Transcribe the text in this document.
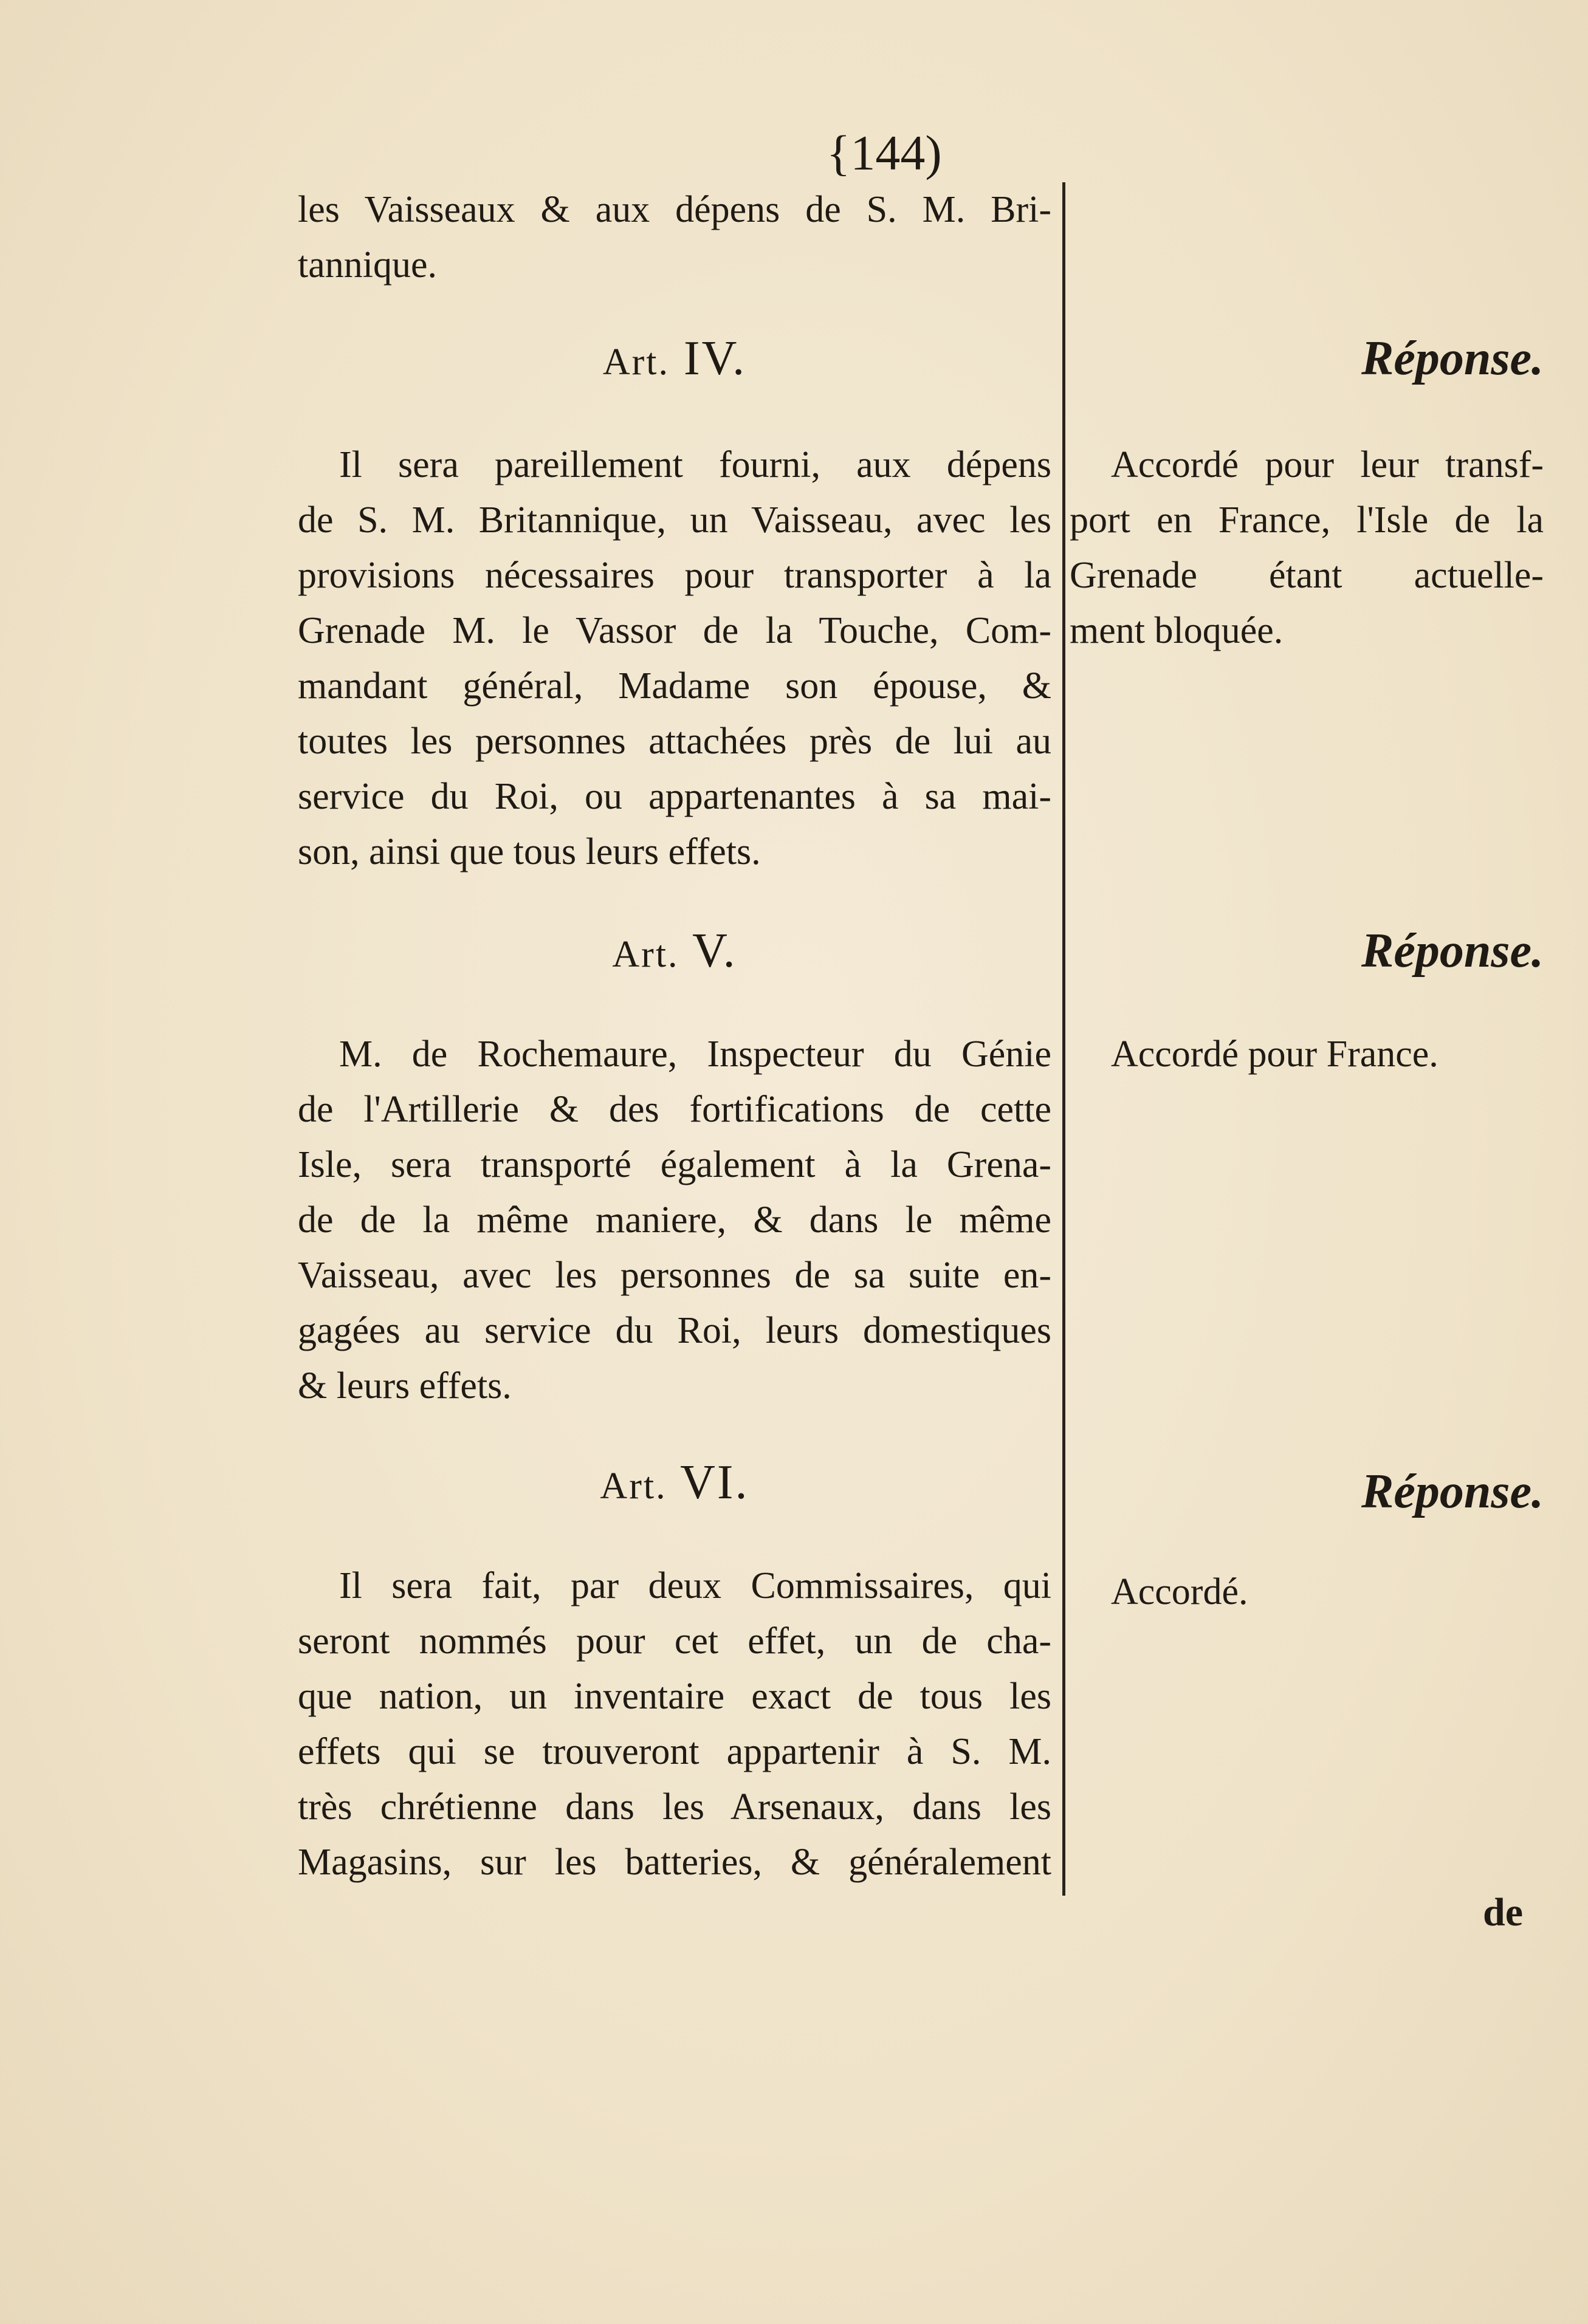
{144)
les Vaisseaux & aux dépens de S. M. Bri-
tannique.
Art. IV.	Réponse.
Il sera pareillement fourni, aux dépens
de S. M. Britannique, un Vaisseau, avec les
provisions nécessaires pour transporter à la
Grenade M. le Vassor de la Touche, Com-
mandant général, Madame son épouse, &
toutes les personnes attachées près de lui au
service du Roi, ou appartenantes à sa mai-
son, ainsi que tous leurs effets.
Accordé pour leur transf-
port en France, l'Isle de la
Grenade étant actuelle-
ment bloquée.
Art. V.	Réponse.
M. de Rochemaure, Inspecteur du Génie
de l'Artillerie & des fortifications de cette
Isle, sera transporté également à la Grena-
de de la même maniere, & dans le même
Vaisseau, avec les personnes de sa suite en-
gagées au service du Roi, leurs domestiques
& leurs effets.
Accordé pour France.
Art. VI.	Réponse.
Il sera fait, par deux Commissaires, qui
seront nommés pour cet effet, un de cha-
que nation, un inventaire exact de tous les
effets qui se trouveront appartenir à S. M.
très chrétienne dans les Arsenaux, dans les
Magasins, sur les batteries, & généralement
Accordé.
de
